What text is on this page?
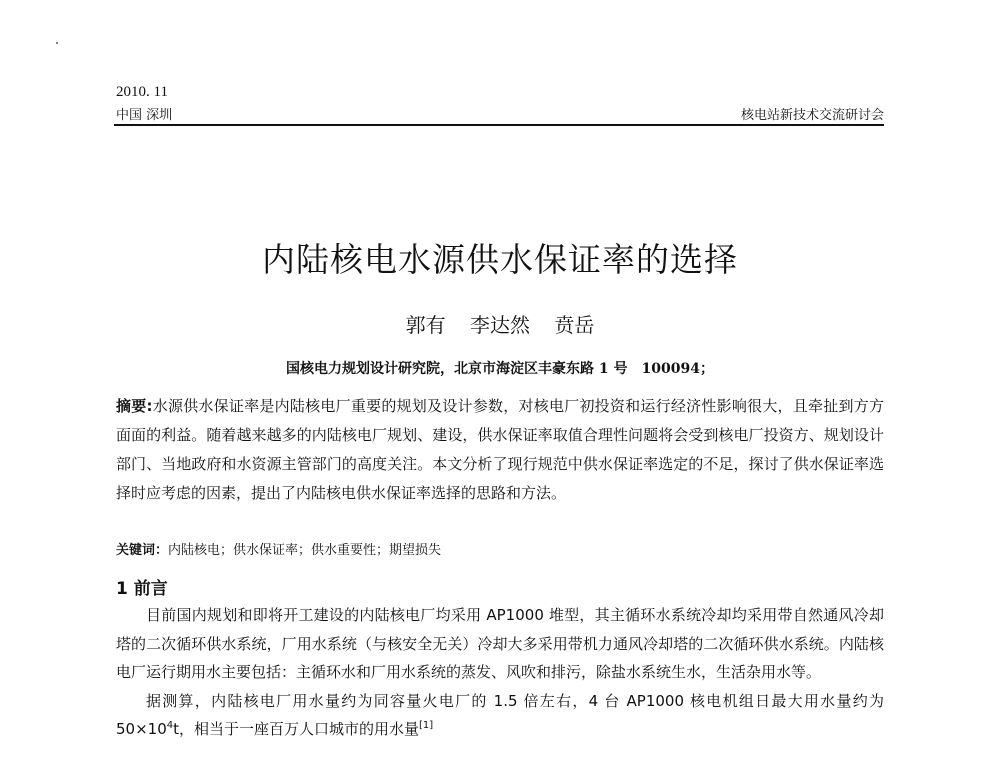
2010. 11
中国 深圳	核电站新技术交流研讨会
内陆核电水源供水保证率的选择
郭有 李达然 贲岳
国核电力规划设计研究院，北京市海淀区丰豪东路 1 号　100094；
摘要:水源供水保证率是内陆核电厂重要的规划及设计参数，对核电厂初投资和运行经济性影响很大，且牵扯到方方面面的利益。随着越来越多的内陆核电厂规划、建设，供水保证率取值合理性问题将会受到核电厂投资方、规划设计部门、当地政府和水资源主管部门的高度关注。本文分析了现行规范中供水保证率选定的不足，探讨了供水保证率选择时应考虑的因素，提出了内陆核电供水保证率选择的思路和方法。
关键词：内陆核电；供水保证率；供水重要性；期望损失
1 前言

目前国内规划和即将开工建设的内陆核电厂均采用 AP1000 堆型，其主循环水系统冷却均采用带自然通风冷却塔的二次循环供水系统，厂用水系统（与核安全无关）冷却大多采用带机力通风冷却塔的二次循环供水系统。内陆核电厂运行期用水主要包括：主循环水和厂用水系统的蒸发、风吹和排污，除盐水系统生水，生活杂用水等。

据测算，内陆核电厂用水量约为同容量火电厂的 1.5 倍左右，4 台 AP1000 核电机组日最大用水量约为 $50\times 10^4t$，相当于一座百万人口城市的用水量[1]
